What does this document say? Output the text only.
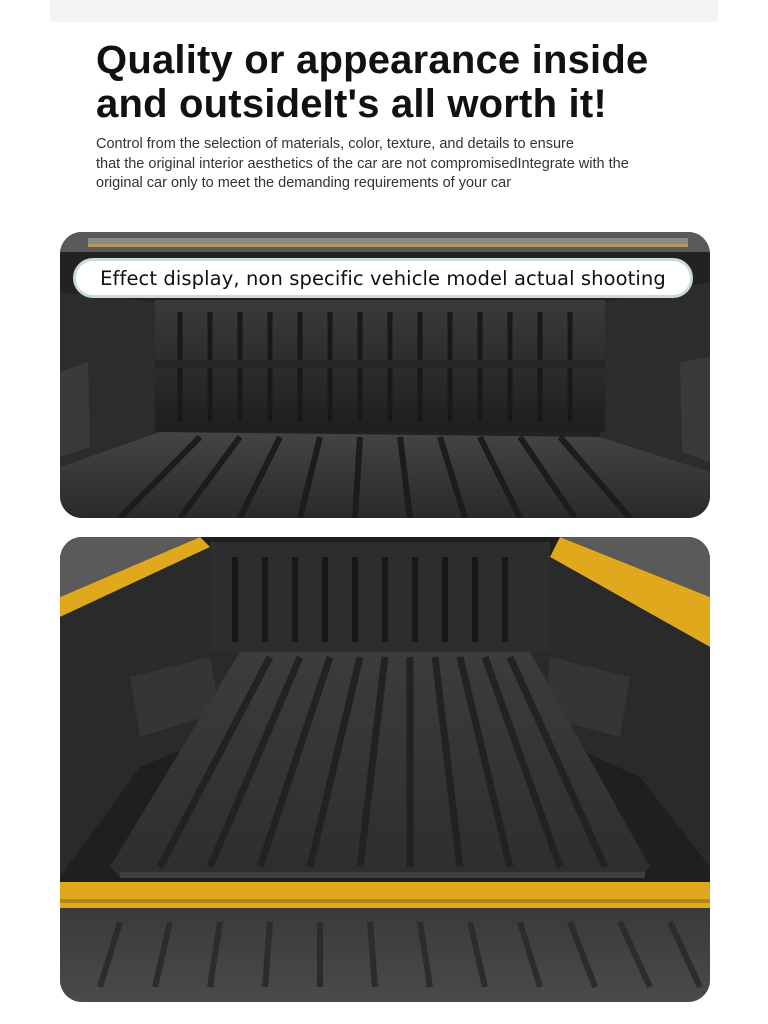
Quality or appearance inside
and outsideIt's all worth it!

Control from the selection of materials, color, texture, and details to ensure
that the original interior aesthetics of the car are not compromisedIntegrate with the
original car only to meet the demanding requirements of your car

Effect display, non specific vehicle model actual shooting
